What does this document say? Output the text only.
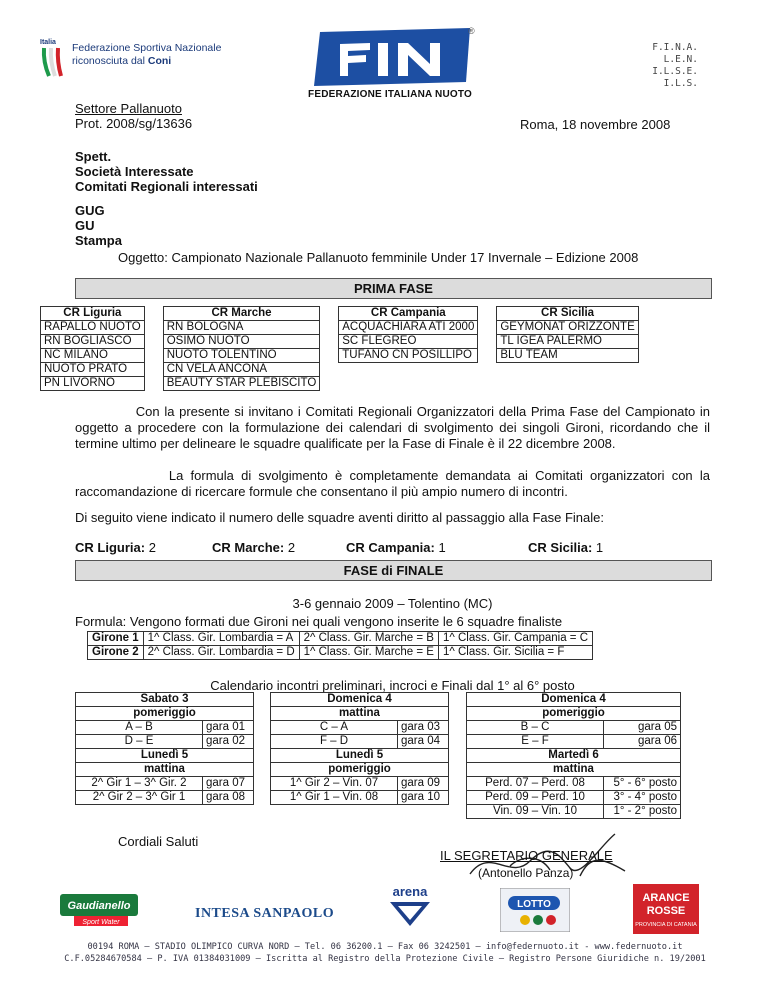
Italia Federazione Sportiva Nazionale
riconosciuta dal Coni
FIN
FEDERAZIONE ITALIANA NUOTO
®
F.I.N.A.
L.E.N.
I.L.S.E.
I.L.S.
Settore Pallanuoto
Prot. 2008/sg/13636	Roma, 18 novembre 2008
Spett.
Società Interessate
Comitati Regionali interessati
GUG
GU
Stampa
Oggetto: Campionato Nazionale Pallanuoto femminile Under 17 Invernale – Edizione 2008
PRIMA FASE
CR Liguria		CR Marche		CR Campania		CR Sicilia
RAPALLO NUOTO		RN BOLOGNA		ACQUACHIARA ATI 2000		GEYMONAT ORIZZONTE
RN BOGLIASCO		OSIMO NUOTO		SC FLEGREO		TL IGEA PALERMO
NC MILANO		NUOTO TOLENTINO		TUFANO CN POSILLIPO		BLU TEAM
NUOTO PRATO		CN VELA ANCONA				
PN LIVORNO		BEAUTY STAR PLEBISCITO				
Con la presente si invitano i Comitati Regionali Organizzatori della Prima Fase del Campionato in oggetto a procedere con la formulazione dei calendari di svolgimento dei singoli Gironi, ricordando che il termine ultimo per delineare le squadre qualificate per la Fase di Finale è il 22 dicembre 2008.
La formula di svolgimento è completamente demandata ai Comitati organizzatori con la raccomandazione di ricercare formule che consentano il più ampio numero di incontri.
Di seguito viene indicato il numero delle squadre aventi diritto al passaggio alla Fase Finale:
CR Liguria: 2	CR Marche: 2	CR Campania: 1	CR Sicilia: 1
FASE di FINALE
3-6 gennaio 2009 – Tolentino (MC)
Formula: Vengono formati due Gironi nei quali vengono inserite le 6 squadre finaliste
Girone 1	1^ Class. Gir. Lombardia = A	2^ Class. Gir. Marche = B	1^ Class. Gir. Campania = C
Girone 2	2^ Class. Gir. Lombardia = D	1^ Class. Gir. Marche = E	1^ Class. Gir. Sicilia = F
Calendario incontri preliminari, incroci e Finali dal 1° al 6° posto
Sabato 3	
pomeriggio	
A – B	gara 01
D – E	gara 02
Lunedì 5	
mattina	
2^ Gir 1 – 3^ Gir. 2	gara 07
2^ Gir 2 – 3^ Gir 1	gara 08
Domenica 4	
mattina	
C – A	gara 03
F – D	gara 04
Lunedì 5	
pomeriggio	
1^ Gir 2 – Vin. 07	gara 09
1^ Gir 1 – Vin. 08	gara 10
Domenica 4	
pomeriggio	
B – C	gara 05
E – F	gara 06
Martedì 6	
mattina	
Perd. 07 – Perd. 08	5° - 6° posto
Perd. 09 – Perd. 10	3° - 4° posto
Vin. 09 – Vin. 10	1° - 2° posto
Cordiali Saluti
IL SEGRETARIO GENERALE
(Antonello Panza)
Gaudianello
Sport Water
INTESA SANPAOLO
arena
LOTTO
ARANCE
ROSSE
PROVINCIA DI CATANIA
00194 ROMA – STADIO OLIMPICO CURVA NORD – Tel. 06 36200.1 – Fax 06 3242501 – info@federnuoto.it - www.federnuoto.it
C.F.05284670584 – P. IVA 01384031009 – Iscritta al Registro della Protezione Civile – Registro Persone Giuridiche n. 19/2001
